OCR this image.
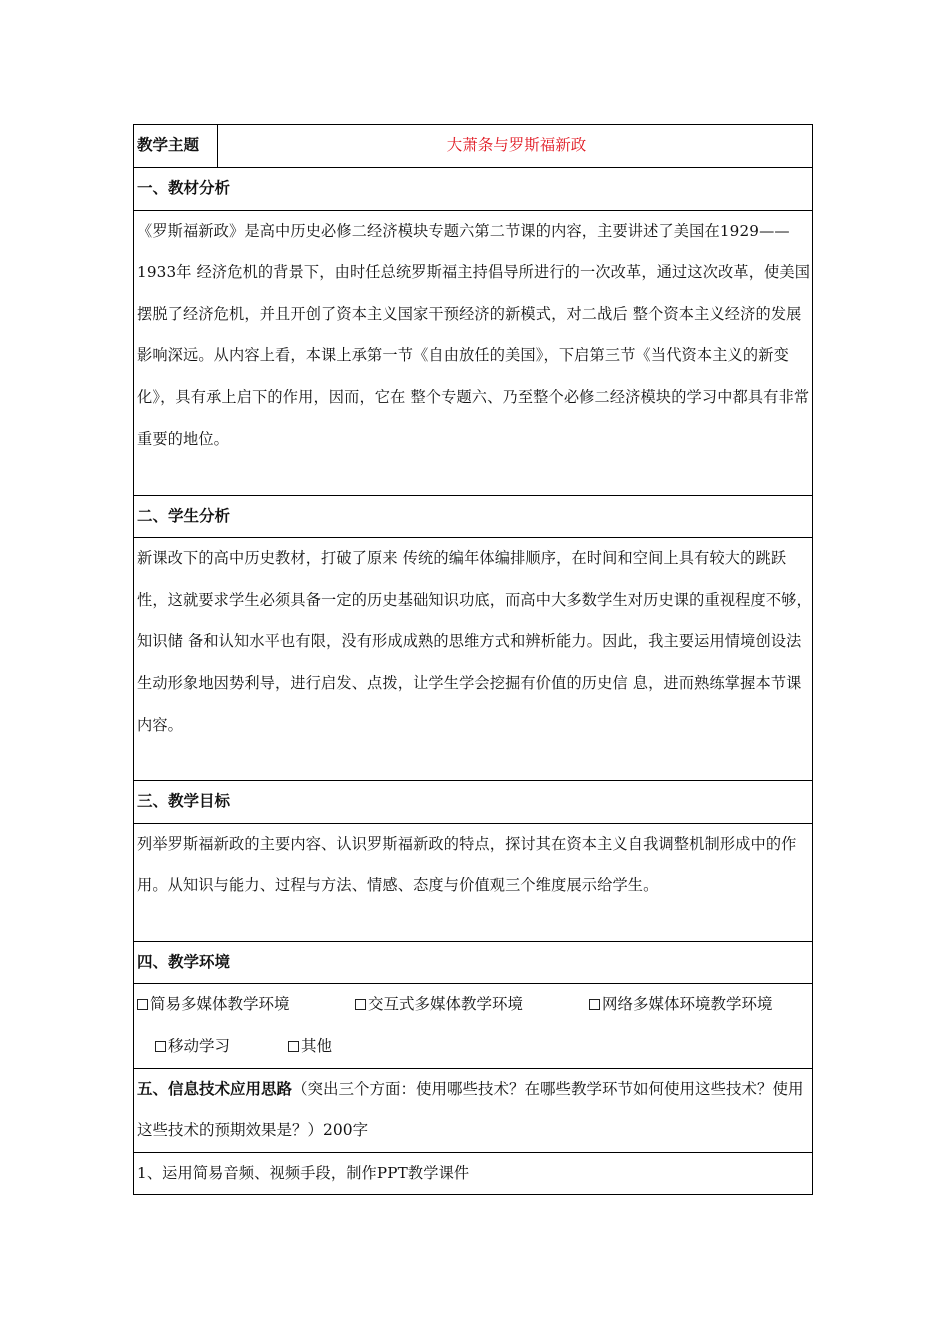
教学主题	大萧条与罗斯福新政
一、教材分析

《罗斯福新政》是高中历史必修二经济模块专题六第二节课的内容，主要讲述了美国在1929——1933年 经济危机的背景下，由时任总统罗斯福主持倡导所进行的一次改革，通过这次改革，使美国摆脱了经济危机，并且开创了资本主义国家干预经济的新模式，对二战后 整个资本主义经济的发展影响深远。从内容上看，本课上承第一节《自由放任的美国》，下启第三节《当代资本主义的新变化》，具有承上启下的作用，因而，它在 整个专题六、乃至整个必修二经济模块的学习中都具有非常重要的地位。

二、学生分析

新课改下的高中历史教材，打破了原来 传统的编年体编排顺序，在时间和空间上具有较大的跳跃性，这就要求学生必须具备一定的历史基础知识功底，而高中大多数学生对历史课的重视程度不够，知识储 备和认知水平也有限，没有形成成熟的思维方式和辨析能力。因此，我主要运用情境创设法生动形象地因势利导，进行启发、点拨，让学生学会挖掘有价值的历史信 息，进而熟练掌握本节课内容。

三、教学目标

列举罗斯福新政的主要内容、认识罗斯福新政的特点，探讨其在资本主义自我调整机制形成中的作用。从知识与能力、过程与方法、情感、态度与价值观三个维度展示给学生。

四、教学环境

简易多媒体教学环境	交互式多媒体教学环境	网络多媒体环境教学环境
移动学习	其他

五、信息技术应用思路（突出三个方面：使用哪些技术？在哪些教学环节如何使用这些技术？使用这些技术的预期效果是？）200字

1、运用简易音频、视频手段，制作PPT教学课件
